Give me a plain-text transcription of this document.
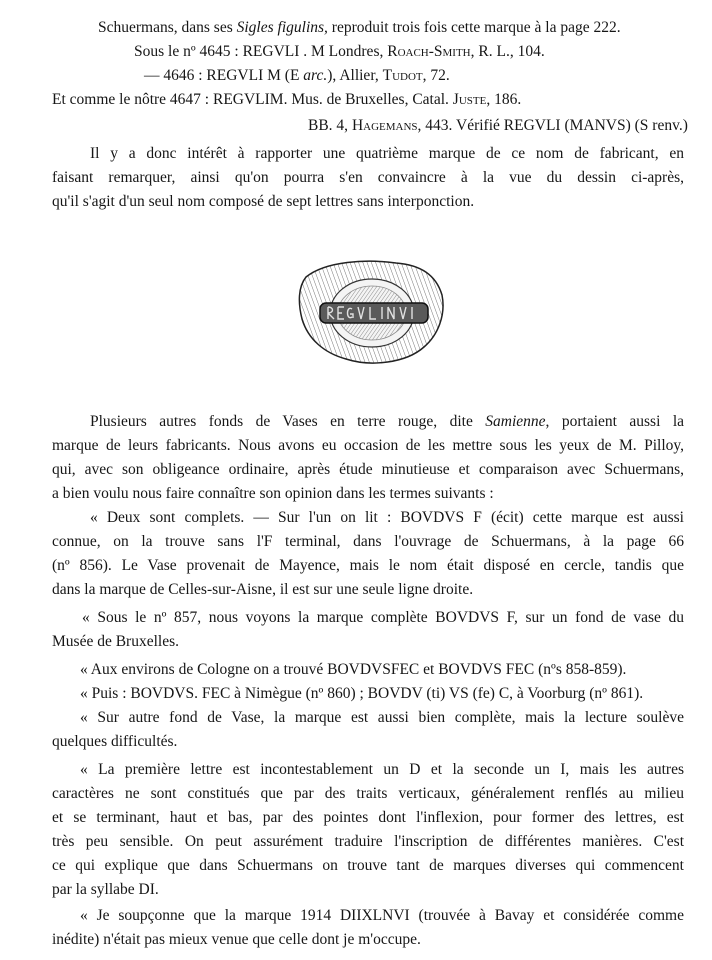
Schuermans, dans ses Sigles figulins, reproduit trois fois cette marque à la page 222.
Sous le nº 4645 : REGVLI . M Londres, Roach-Smith, R. L., 104.
— 4646 : REGVLI M (E arc.), Allier, Tudot, 72.
Et comme le nôtre 4647 : REGVLIM. Mus. de Bruxelles, Catal. Juste, 186.
BB. 4, Hagemans, 443. Vérifié REGVLI (MANVS) (S renv.)
Il y a donc intérêt à rapporter une quatrième marque de ce nom de fabricant, en
faisant remarquer, ainsi qu'on pourra s'en convaincre à la vue du dessin ci-après,
qu'il s'agit d'un seul nom composé de sept lettres sans interponction.
Plusieurs autres fonds de Vases en terre rouge, dite Samienne, portaient aussi la
marque de leurs fabricants. Nous avons eu occasion de les mettre sous les yeux de M. Pilloy,
qui, avec son obligeance ordinaire, après étude minutieuse et comparaison avec Schuermans,
a bien voulu nous faire connaître son opinion dans les termes suivants :
« Deux sont complets. — Sur l'un on lit : BOVDVS F (écit) cette marque est aussi
connue, on la trouve sans l'F terminal, dans l'ouvrage de Schuermans, à la page 66
(nº 856). Le Vase provenait de Mayence, mais le nom était disposé en cercle, tandis que
dans la marque de Celles-sur-Aisne, il est sur une seule ligne droite.
« Sous le nº 857, nous voyons la marque complète BOVDVS F, sur un fond de vase du
Musée de Bruxelles.
« Aux environs de Cologne on a trouvé BOVDVSFEC et BOVDVS FEC (nºs 858-859).
« Puis : BOVDVS. FEC à Nimègue (nº 860) ; BOVDV (ti) VS (fe) C, à Voorburg (nº 861).
« Sur autre fond de Vase, la marque est aussi bien complète, mais la lecture soulève
quelques difficultés.
« La première lettre est incontestablement un D et la seconde un I, mais les autres
caractères ne sont constitués que par des traits verticaux, généralement renflés au milieu
et se terminant, haut et bas, par des pointes dont l'inflexion, pour former des lettres, est
très peu sensible. On peut assurément traduire l'inscription de différentes manières. C'est
ce qui explique que dans Schuermans on trouve tant de marques diverses qui commencent
par la syllabe DI.
« Je soupçonne que la marque 1914 DIIXLNVI (trouvée à Bavay et considérée comme
inédite) n'était pas mieux venue que celle dont je m'occupe.
